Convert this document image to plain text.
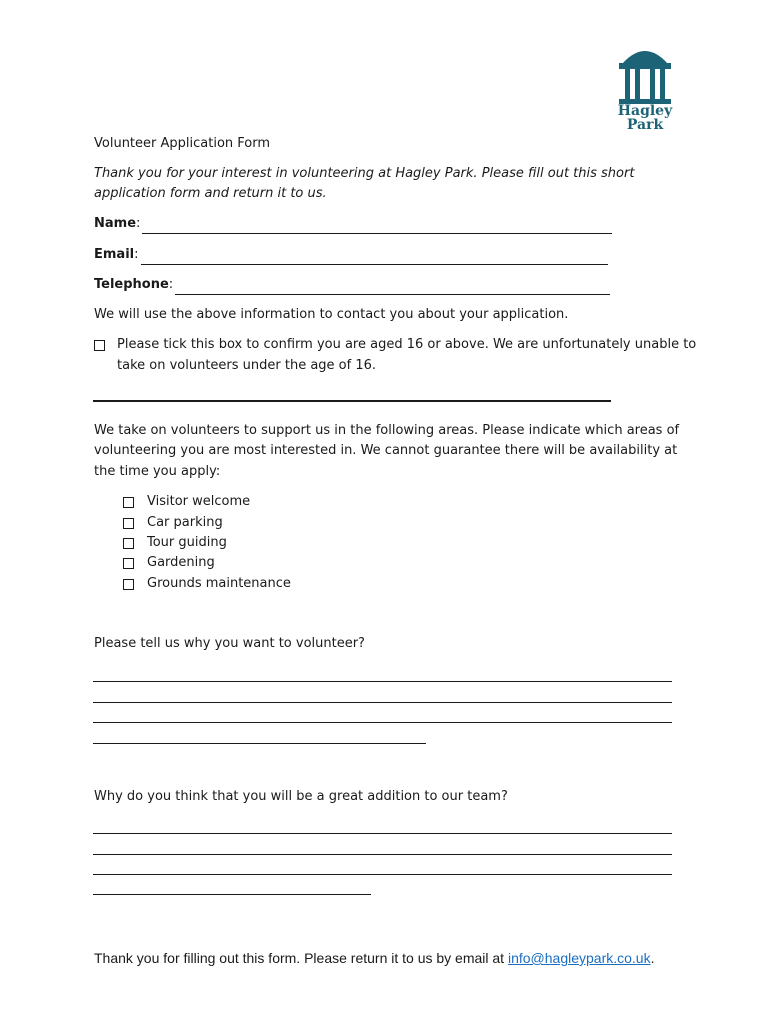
Hagley
Park
Volunteer Application Form
Thank you for your interest in volunteering at Hagley Park. Please fill out this short
application form and return it to us.
Name:
Email:
Telephone:
We will use the above information to contact you about your application.
Please tick this box to confirm you are aged 16 or above. We are unfortunately unable to
take on volunteers under the age of 16.
We take on volunteers to support us in the following areas. Please indicate which areas of
volunteering you are most interested in. We cannot guarantee there will be availability at
the time you apply:
Visitor welcome
Car parking
Tour guiding
Gardening
Grounds maintenance
Please tell us why you want to volunteer?
Why do you think that you will be a great addition to our team?
Thank you for filling out this form. Please return it to us by email at info@hagleypark.co.uk.
